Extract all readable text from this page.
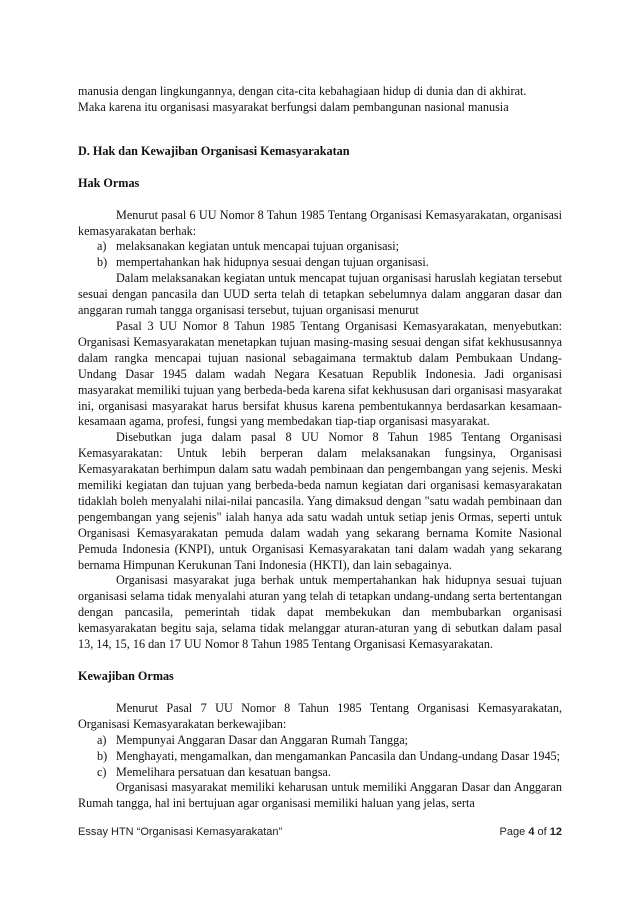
manusia dengan lingkungannya, dengan cita-cita kebahagiaan hidup di dunia dan di akhirat.

Maka karena itu organisasi masyarakat berfungsi dalam pembangunan nasional manusia

D. Hak dan Kewajiban Organisasi Kemasyarakatan
Hak Ormas

Menurut pasal 6 UU Nomor 8 Tahun 1985 Tentang Organisasi Kemasyarakatan, organisasi kemasyarakatan berhak:

a) melaksanakan kegiatan untuk mencapai tujuan organisasi;
b) mempertahankan hak hidupnya sesuai dengan tujuan organisasi.

Dalam melaksanakan kegiatan untuk mencapat tujuan organisasi haruslah kegiatan tersebut sesuai dengan pancasila dan UUD serta telah di tetapkan sebelumnya dalam anggaran dasar dan anggaran rumah tangga organisasi tersebut, tujuan organisasi menurut

Pasal 3 UU Nomor 8 Tahun 1985 Tentang Organisasi Kemasyarakatan, menyebutkan: Organisasi Kemasyarakatan menetapkan tujuan masing-masing sesuai dengan sifat kekhususannya dalam rangka mencapai tujuan nasional sebagaimana termaktub dalam Pembukaan Undang-Undang Dasar 1945 dalam wadah Negara Kesatuan Republik Indonesia. Jadi organisasi masyarakat memiliki tujuan yang berbeda-beda karena sifat kekhususan dari organisasi masyarakat ini, organisasi masyarakat harus bersifat khusus karena pembentukannya berdasarkan kesamaan-kesamaan agama, profesi, fungsi yang membedakan tiap-tiap organisasi masyarakat.

Disebutkan juga dalam pasal 8 UU Nomor 8 Tahun 1985 Tentang Organisasi Kemasyarakatan: Untuk lebih berperan dalam melaksanakan fungsinya, Organisasi Kemasyarakatan berhimpun dalam satu wadah pembinaan dan pengembangan yang sejenis. Meski memiliki kegiatan dan tujuan yang berbeda-beda namun kegiatan dari organisasi kemasyarakatan tidaklah boleh menyalahi nilai-nilai pancasila. Yang dimaksud dengan "satu wadah pembinaan dan pengembangan yang sejenis" ialah hanya ada satu wadah untuk setiap jenis Ormas, seperti untuk Organisasi Kemasyarakatan pemuda dalam wadah yang sekarang bernama Komite Nasional Pemuda Indonesia (KNPI), untuk Organisasi Kemasyarakatan tani dalam wadah yang sekarang bernama Himpunan Kerukunan Tani Indonesia (HKTI), dan lain sebagainya.

Organisasi masyarakat juga berhak untuk mempertahankan hak hidupnya sesuai tujuan organisasi selama tidak menyalahi aturan yang telah di tetapkan undang-undang serta bertentangan dengan pancasila, pemerintah tidak dapat membekukan dan membubarkan organisasi kemasyarakatan begitu saja, selama tidak melanggar aturan-aturan yang di sebutkan dalam pasal 13, 14, 15, 16 dan 17 UU Nomor 8 Tahun 1985 Tentang Organisasi Kemasyarakatan.

Kewajiban Ormas

Menurut Pasal 7 UU Nomor 8 Tahun 1985 Tentang Organisasi Kemasyarakatan, Organisasi Kemasyarakatan berkewajiban:

a) Mempunyai Anggaran Dasar dan Anggaran Rumah Tangga;
b) Menghayati, mengamalkan, dan mengamankan Pancasila dan Undang-undang Dasar 1945;
c) Memelihara persatuan dan kesatuan bangsa.

Organisasi masyarakat memiliki keharusan untuk memiliki Anggaran Dasar dan Anggaran Rumah tangga, hal ini bertujuan agar organisasi memiliki haluan yang jelas, serta

Essay HTN “Organisasi Kemasyarakatan”	Page 4 of 12
